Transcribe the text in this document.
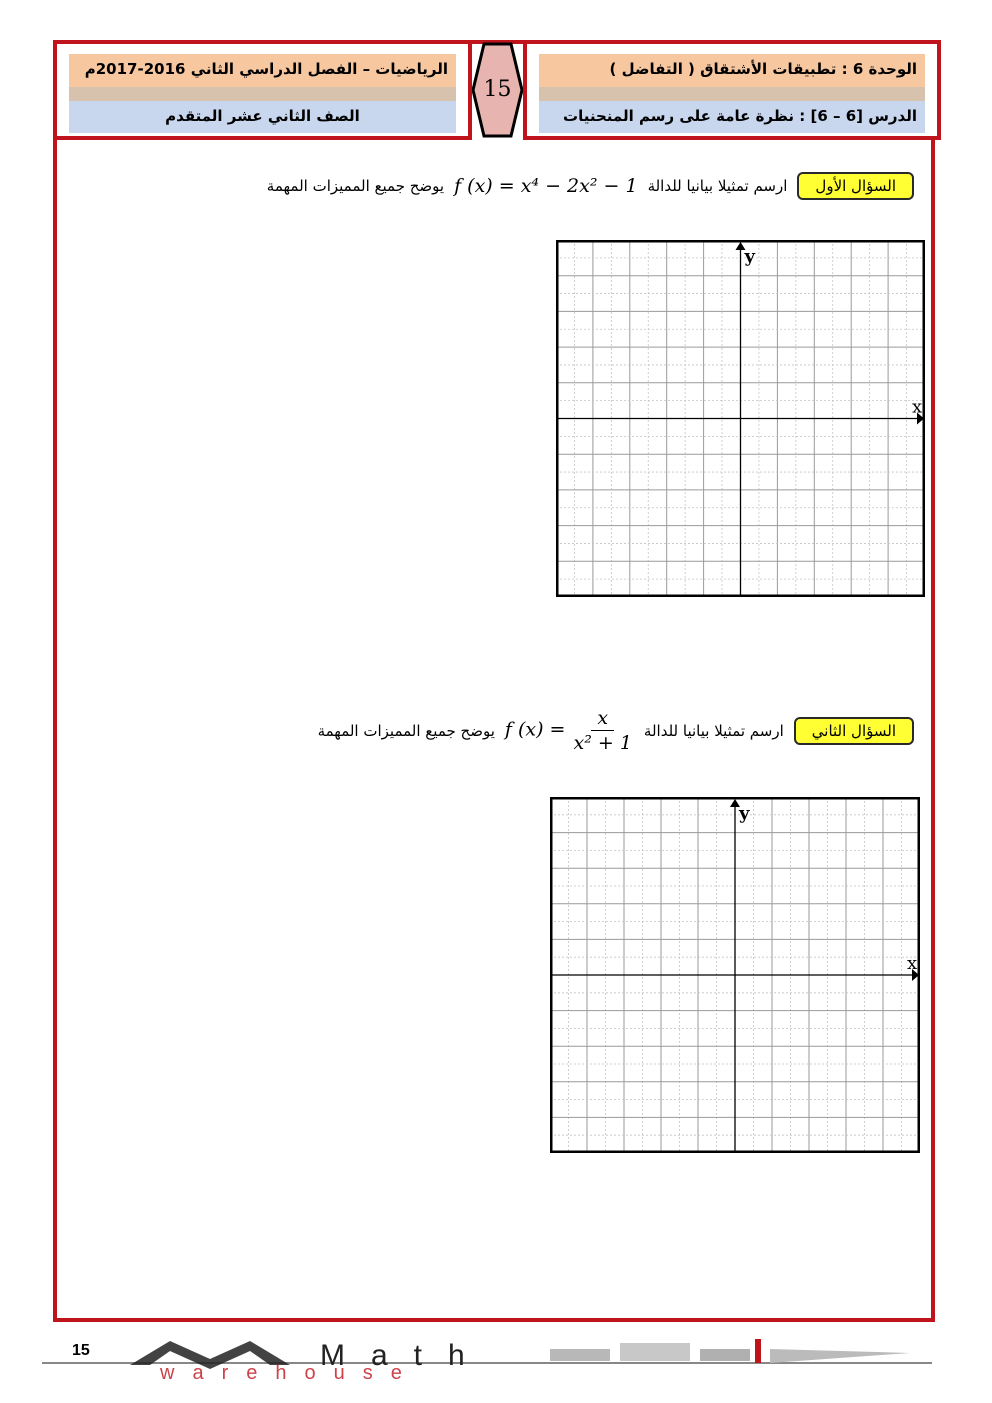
الرياضيات – الفصل الدراسي الثاني 2016-2017م
الصف الثاني عشر المتقدم
15
الوحدة 6 : تطبيقات الأشتقاق ( التفاضل )
الدرس [6 – 6] : نظرة عامة على رسم المنحنيات
السؤال الأول
ارسم تمثيلا بيانيا للدالة
f (x) = x⁴ − 2x² − 1
يوضح جميع المميزات المهمة
x
y
السؤال الثاني
ارسم تمثيلا بيانيا للدالة
f $(x) = \frac{x}{\text{x² + 1}}$
يوضح جميع المميزات المهمة
x
y
15	Math
warehouse
